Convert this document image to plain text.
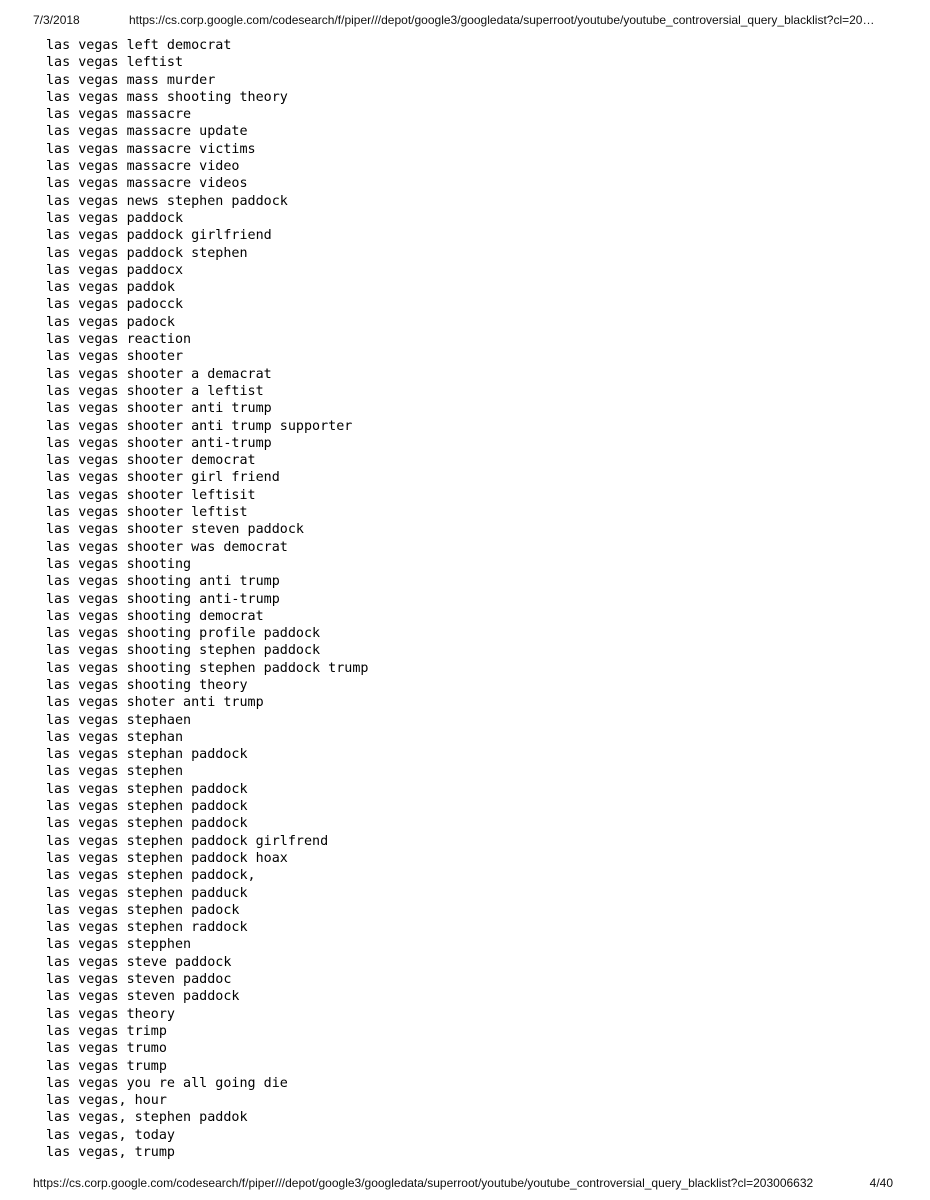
7/3/2018	https://cs.corp.google.com/codesearch/f/piper///depot/google3/googledata/superroot/youtube/youtube_controversial_query_blacklist?cl=20…
las vegas left democrat
las vegas leftist
las vegas mass murder
las vegas mass shooting theory
las vegas massacre
las vegas massacre update
las vegas massacre victims
las vegas massacre video
las vegas massacre videos
las vegas news stephen paddock
las vegas paddock
las vegas paddock girlfriend
las vegas paddock stephen
las vegas paddocx
las vegas paddok
las vegas padocck
las vegas padock
las vegas reaction
las vegas shooter
las vegas shooter a demacrat
las vegas shooter a leftist
las vegas shooter anti trump
las vegas shooter anti trump supporter
las vegas shooter anti-trump
las vegas shooter democrat
las vegas shooter girl friend
las vegas shooter leftisit
las vegas shooter leftist
las vegas shooter steven paddock
las vegas shooter was democrat
las vegas shooting
las vegas shooting anti trump
las vegas shooting anti-trump
las vegas shooting democrat
las vegas shooting profile paddock
las vegas shooting stephen paddock
las vegas shooting stephen paddock trump
las vegas shooting theory
las vegas shoter anti trump
las vegas stephaen
las vegas stephan
las vegas stephan paddock
las vegas stephen
las vegas stephen paddock
las vegas stephen paddock
las vegas stephen paddock
las vegas stephen paddock girlfrend
las vegas stephen paddock hoax
las vegas stephen paddock,
las vegas stephen padduck
las vegas stephen padock
las vegas stephen raddock
las vegas stepphen
las vegas steve paddock
las vegas steven paddoc
las vegas steven paddock
las vegas theory
las vegas trimp
las vegas trumo
las vegas trump
las vegas you re all going die
las vegas, hour
las vegas, stephen paddok
las vegas, today
las vegas, trump
https://cs.corp.google.com/codesearch/f/piper///depot/google3/googledata/superroot/youtube/youtube_controversial_query_blacklist?cl=203006632	4/40
